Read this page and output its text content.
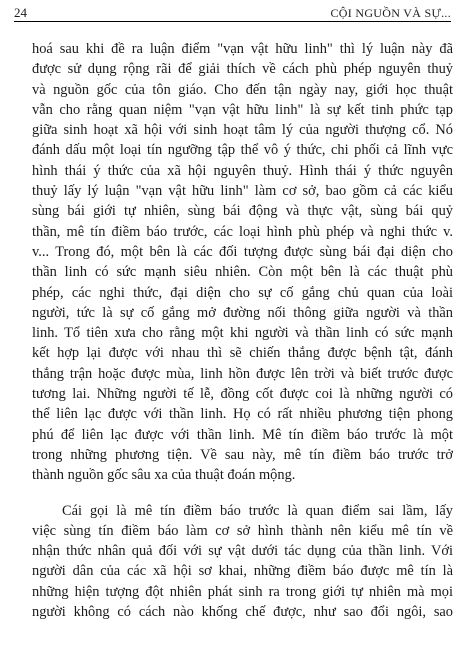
24	CỘI NGUỒN VÀ SỰ...
hoá sau khi đề ra luận điểm "vạn vật hữu linh" thì lý luận này đã
được sử dụng rộng rãi để giải thích về cách phù phép nguyên thuỷ
và nguồn gốc của tôn giáo. Cho đến tận ngày nay, giới học thuật
vẫn cho rằng quan niệm "vạn vật hữu linh" là sự kết tinh phức tạp
giữa sinh hoạt xã hội với sinh hoạt tâm lý của người thượng cổ. Nó
đánh dấu một loại tín ngưỡng tập thể vô ý thức, chi phối cả lĩnh vực
hình thái ý thức của xã hội nguyên thuỷ. Hình thái ý thức nguyên
thuỷ lấy lý luận "vạn vật hữu linh" làm cơ sở, bao gồm cả các kiểu
sùng bái giới tự nhiên, sùng bái động và thực vật, sùng bái quỷ
thần, mê tín điềm báo trước, các loại hình phù phép và nghi thức v.
v... Trong đó, một bên là các đối tượng được sùng bái đại diện cho
thần linh có sức mạnh siêu nhiên. Còn một bên là các thuật phù
phép, các nghi thức, đại diện cho sự cố gắng chủ quan của loài
người, tức là sự cố gắng mở đường nối thông giữa người và thần
linh. Tổ tiên xưa cho rằng một khi người và thần linh có sức mạnh
kết hợp lại được với nhau thì sẽ chiến thắng được bệnh tật, đánh
thắng trận hoặc được mùa, linh hồn được lên trời và biết trước được
tương lai. Những người tế lễ, đồng cốt được coi là những người có
thể liên lạc được với thần linh. Họ có rất nhiều phương tiện phong
phú để liên lạc được với thần linh. Mê tín điềm báo trước là một
trong những phương tiện. Về sau này, mê tín điềm báo trước trở
thành nguồn gốc sâu xa của thuật đoán mộng.
Cái gọi là mê tín điềm báo trước là quan điểm sai lầm, lấy
việc sùng tín điềm báo làm cơ sở hình thành nên kiểu mê tín về
nhận thức nhân quả đối với sự vật dưới tác dụng của thần linh. Với
người dân của các xã hội sơ khai, những điềm báo được mê tín là
những hiện tượng đột nhiên phát sinh ra trong giới tự nhiên mà mọi
người không có cách nào khống chế được, như sao đổi ngôi, sao
